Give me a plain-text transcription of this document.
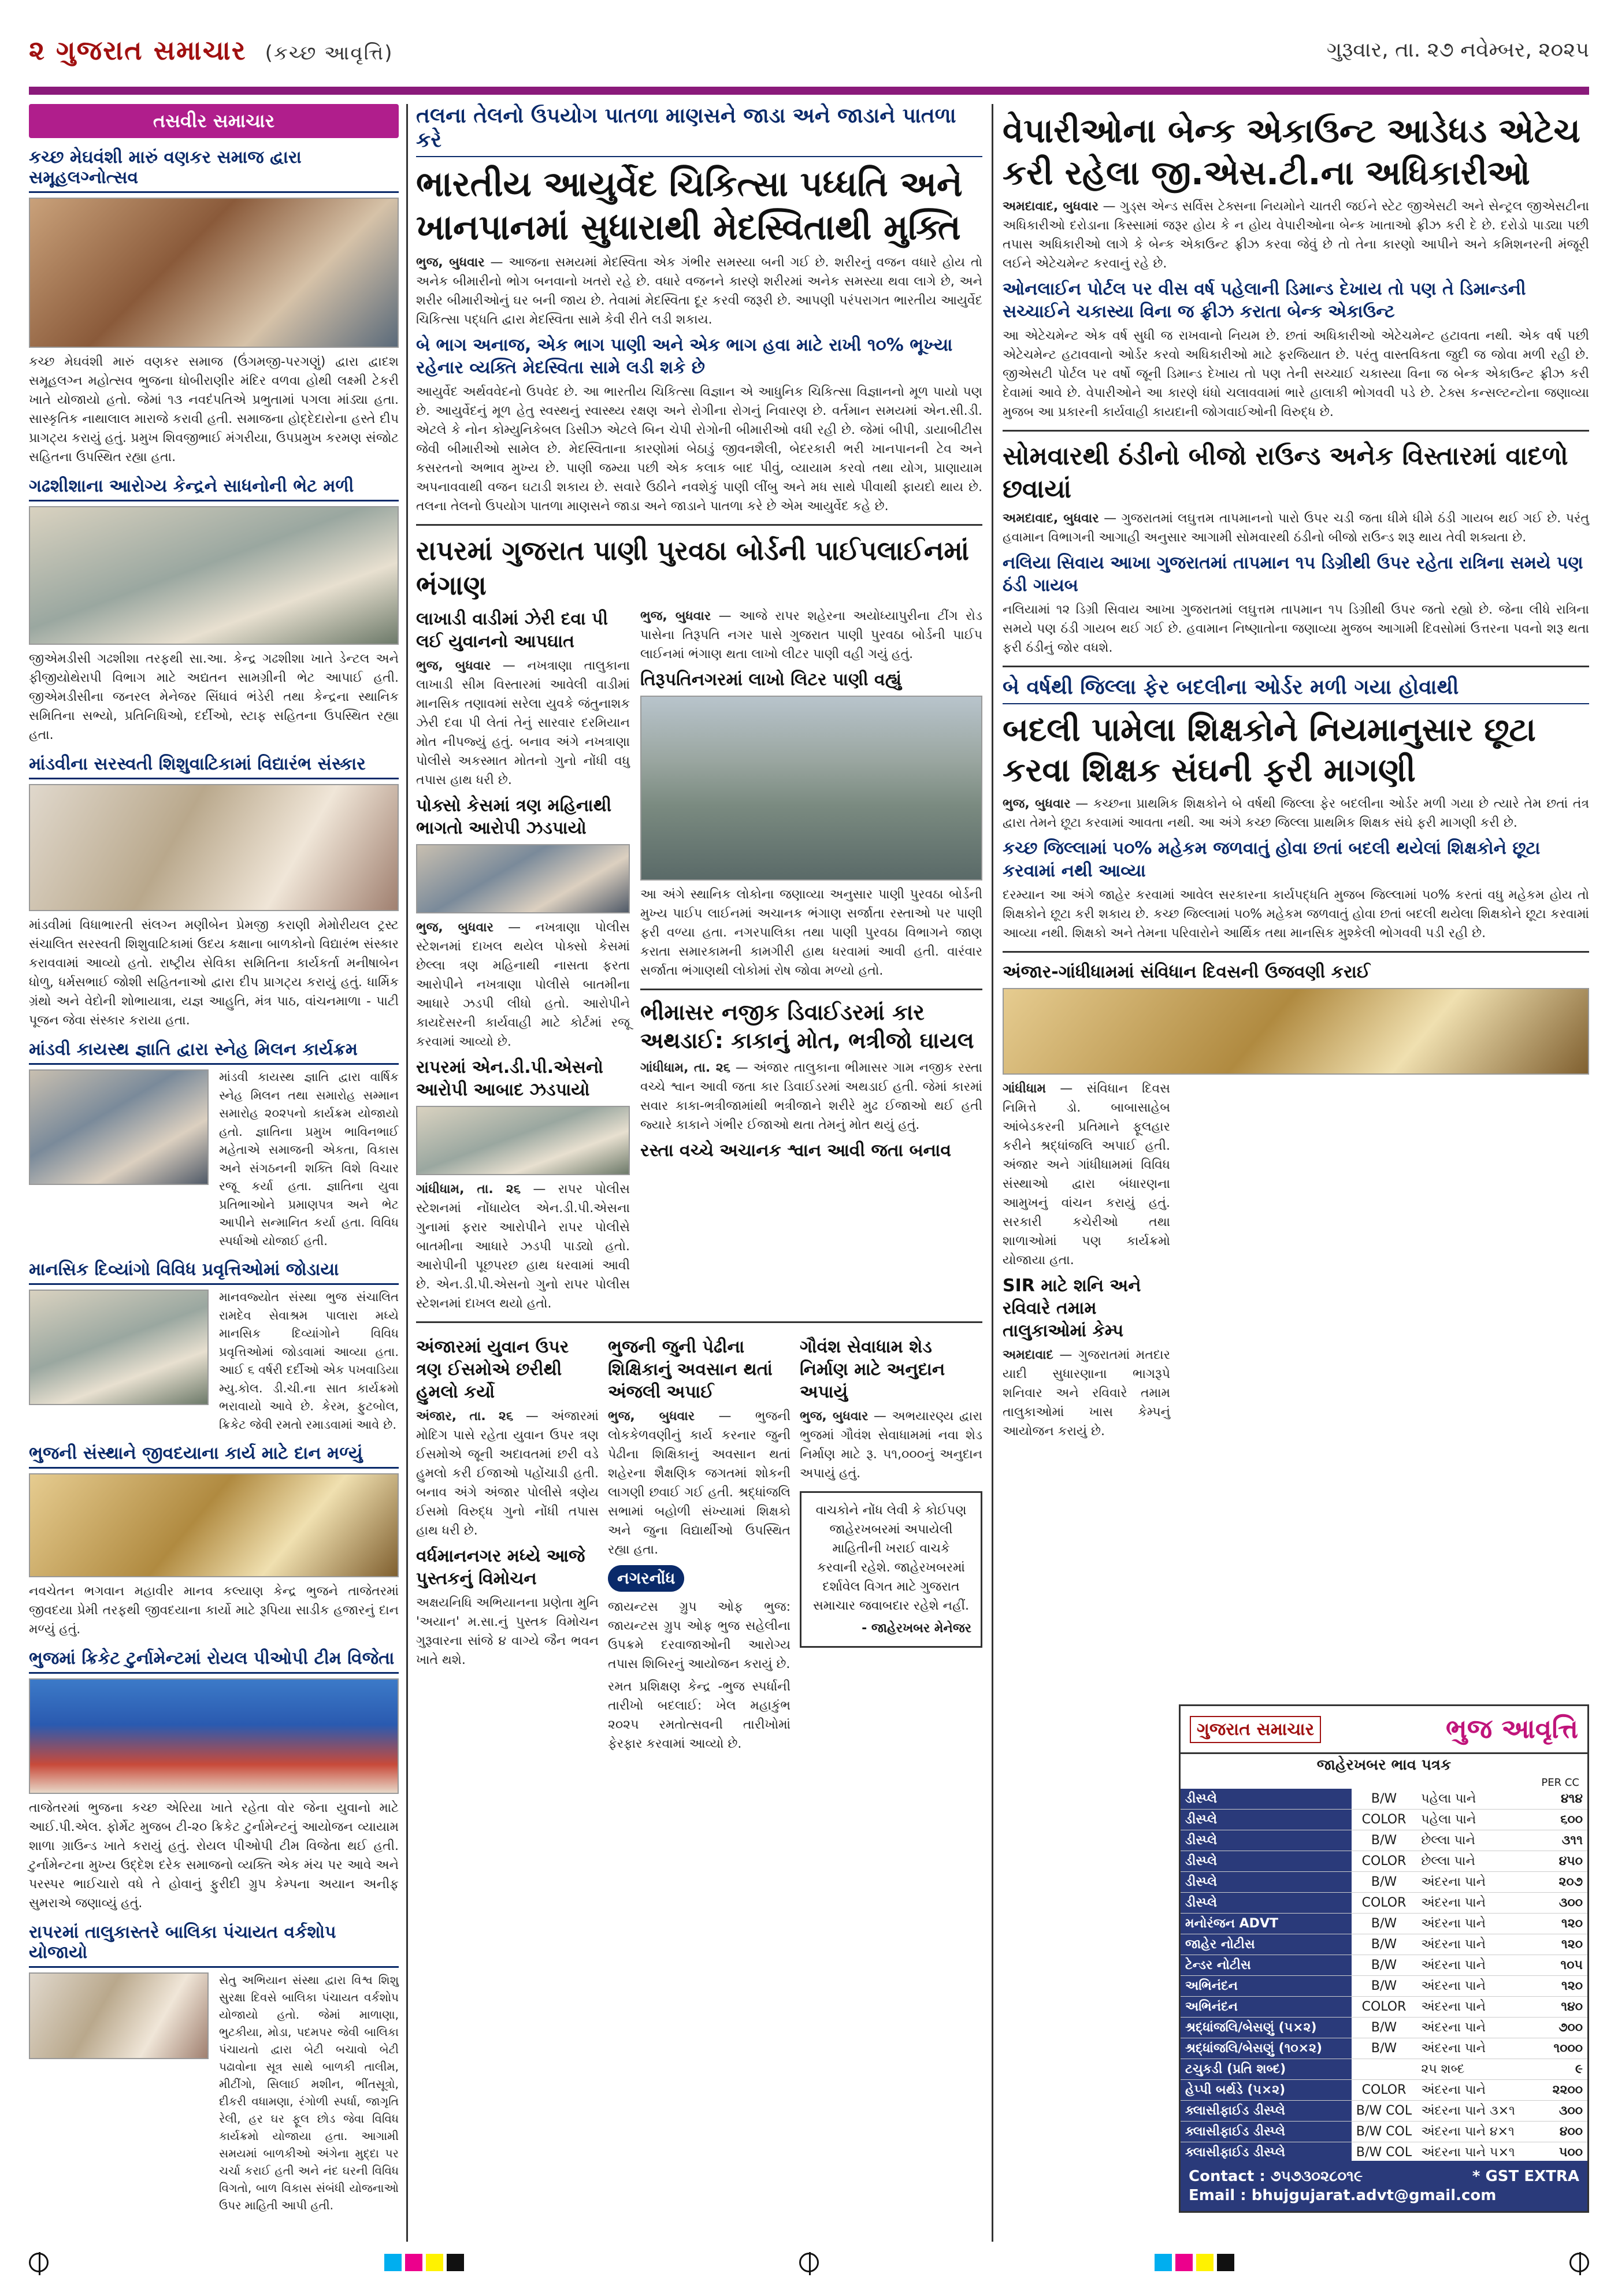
૨ ગુજરાત સમાચાર (કચ્છ આવૃત્તિ)	ગુરૂવાર, તા. ૨૭ નવેમ્બર, ૨૦૨૫
તસવીર સમાચાર
કચ્છ મેઘવંશી મારું વણકર સમાજ દ્વારા સમૂહલગ્નોત્સવ
કચ્છ મેઘવંશી મારું વણકર સમાજ (ઉંગમજી-પરગણું) દ્વારા દ્વાદશ સમૂહલગ્ન મહોત્સવ ભુજના ધોબીરાણીર મંદિર વળવા હોથી લક્ષ્મી ટેકરી ખાતે યોજાયો હતો. જેમાં ૧૩ નવદંપતિએ પ્રભુતામાં પગલા માંડ્યા હતા. સાસ્કૃતિક નાથાલાલ મારાજે કરાવી હતી. સમાજના હોદ્દેદારોના હસ્તે દીપ પ્રાગટ્ય કરાયું હતું. પ્રમુખ શિવજીભાઈ મંગરીયા, ઉપપ્રમુખ કરમણ સંજોટ સહિતના ઉપસ્થિત રહ્યા હતા.
ગઢશીશાના આરોગ્ય કેન્દ્રને સાધનોની ભેટ મળી
જીએમડીસી ગઢશીશા તરફથી સા.આ. કેન્દ્ર ગઢશીશા ખાતે ડેન્ટલ અને ફીજીયોથેરાપી વિભાગ માટે અદ્યતન સામગ્રીની ભેટ આપાઈ હતી. જીએમડીસીના જનરલ મેનેજર સિંધાવં ભંડેરી તથા કેન્દ્રના સ્થાનિક સમિતિના સભ્યો, પ્રતિનિધિઓ, દર્દીઓ, સ્ટાફ સહિતના ઉપસ્થિત રહ્યા હતા.
માંડવીના સરસ્વતી શિશુવાટિકામાં વિદ્યારંભ સંસ્કાર
માંડવીમાં વિધાભારતી સંલગ્ન મણીબેન પ્રેમજી કરાણી મેમોરીયલ ટ્રસ્ટ સંચાલિત સરસ્વતી શિશુવાટિકામાં ઉદય કક્ષાના બાળકોનો વિદ્યારંભ સંસ્કાર કરાવવામાં આવ્યો હતો. રાષ્ટ્રીય સેવિકા સમિતિના કાર્યકર્તા મનીષાબેન ધોળુ, ધર્મસભાઈ જોશી સહિતનાઓ દ્વારા દીપ પ્રાગટ્ય કરાયું હતું. ધાર્મિક ગ્રંથો અને વેદોની શોભાયાત્રા, યજ્ઞ આહુતિ, મંત્ર પાઠ, વાંચનમાળા - પાટી પૂજન જેવા સંસ્કાર કરાયા હતા.
માંડવી કાયસ્થ જ્ઞાતિ દ્વારા સ્નેહ મિલન કાર્યક્રમ
માંડવી કાયસ્થ જ્ઞાતિ દ્વારા વાર્ષિક સ્નેહ મિલન તથા સમારોહ સમ્માન સમારોહ ૨૦૨૫નો કાર્યક્રમ યોજાયો હતો. જ્ઞાતિના પ્રમુખ ભાવિનભાઈ મહેતાએ સમાજની એકતા, વિકાસ અને સંગઠનની શક્તિ વિશે વિચાર રજૂ કર્યા હતા. જ્ઞાતિના યુવા પ્રતિભાઓને પ્રમાણપત્ર અને ભેટ આપીને સન્માનિત કર્યા હતા. વિવિધ સ્પર્ધાઓ યોજાઈ હતી.
માનસિક દિવ્યાંગો વિવિધ પ્રવૃત્તિઓમાં જોડાયા
માનવજ્યોત સંસ્થા ભુજ સંચાલિત રામદેવ સેવાશ્રમ પાલારા મધ્યે માનસિક દિવ્યાંગોને વિવિધ પ્રવૃત્તિઓમાં જોડવામાં આવ્યા હતા. આઈ ૬ વર્ષરી દર્દીઓ એક પખવાડિયા મ્યુ.કોલ. ડી.ચી.ના સાત કાર્યક્રમો ભરાવાયો આવે છે. કેરમ, ફુટબોલ, ક્રિકેટ જેવી રમતો રમાડવામાં આવે છે.
ભુજની સંસ્થાને જીવદયાના કાર્ય માટે દાન મળ્યું
નવચેતન ભગવાન મહાવીર માનવ કલ્યાણ કેન્દ્ર ભુજને તાજેતરમાં જીવદયા પ્રેમી તરફથી જીવદયાના કાર્યો માટે રૂપિયા સાડીક હજારનું દાન મળ્યું હતું.
ભુજમાં ક્રિકેટ ટુર્નામેન્ટમાં રોયલ પીઓપી ટીમ વિજેતા
તાજેતરમાં ભુજના કચ્છ એરિયા ખાતે રહેતા વોર જેના યુવાનો માટે આઈ.પી.એલ. ફોર્મેટ મુજબ ટી-૨૦ ક્રિકેટ ટુર્નામેન્ટનું આયોજન વ્યાયામ શાળા ગ્રાઉન્ડ ખાતે કરાયું હતું. રોયલ પીઓપી ટીમ વિજેતા થઈ હતી. ટુર્નામેન્ટના મુખ્ય ઉદ્દેશ દરેક સમાજનો વ્યક્તિ એક મંચ પર આવે અને પરસ્પર ભાઈચારો વધે તે હોવાનું ફુરીદી ગ્રુપ કેમ્પના અયાન અનીફ સુમરાએ જણાવ્યું હતું.
રાપરમાં તાલુકાસ્તરે બાલિકા પંચાયત વર્કશોપ યોજાયો
સેતુ અભિયાન સંસ્થા દ્વારા વિશ્વ શિશુ સુરક્ષા દિવસે બાલિકા પંચાયત વર્કશોપ યોજાયો હતો. જેમાં માળાણા, ભુટકીયા, મોડા, પદમપર જેવી બાલિકા પંચાયતો દ્વારા બેટી બચાવો બેટી પઢાવોના સૂત્ર સાથે બાળકી તાલીમ, મીટીંગો, સિલાઈ મશીન, ભીંતસૂત્રો, દીકરી વધામણા, રંગોળી સ્પર્ધા, જાગૃતિ રેલી, હર ઘર ફૂલ છોડ જેવા વિવિધ કાર્યક્રમો યોજાયા હતા. આગામી સમયમાં બાળકીઓ અંગેના મુદ્દા પર ચર્ચા કરાઈ હતી અને નંદ ઘરની વિવિધ વિગતો, બાળ વિકાસ સંબંધી યોજનાઓ ઉપર માહિતી આપી હતી.
તલના તેલનો ઉપયોગ પાતળા માણસને જાડા અને જાડાને પાતળા કરે
ભારતીય આયુર્વેદ ચિકિત્સા પધ્ધતિ અને ખાનપાનમાં સુધારાથી મેદસ્વિતાથી મુક્તિ
ભુજ, બુધવાર — આજના સમયમાં મેદસ્વિતા એક ગંભીર સમસ્યા બની ગઈ છે. શરીરનું વજન વધારે હોય તો અનેક બીમારીનો ભોગ બનવાનો ખતરો રહે છે. વધારે વજનને કારણે શરીરમાં અનેક સમસ્યા થવા લાગે છે, અને શરીર બીમારીઓનું ઘર બની જાય છે. તેવામાં મેદસ્વિતા દૂર કરવી જરૂરી છે. આપણી પરંપરાગત ભારતીય આયુર્વેદ ચિકિત્સા પદ્ધતિ દ્વારા મેદસ્વિતા સામે કેવી રીતે લડી શકાય.
બે ભાગ અનાજ, એક ભાગ પાણી અને એક ભાગ હવા માટે રાખી ૧૦% ભૂખ્યા રહેનાર વ્યક્તિ મેદસ્વિતા સામે લડી શકે છે
આયુર્વેદ અર્થવવેદનો ઉપવેદ છે. આ ભારતીય ચિકિત્સા વિજ્ઞાન એ આધુનિક ચિકિત્સા વિજ્ઞાનનો મૂળ પાયો પણ છે. આયુર્વેદનું મૂળ હેતુ સ્વસ્થનું સ્વાસ્થ્ય રક્ષણ અને રોગીના રોગનું નિવારણ છે. વર્તમાન સમયમાં એન.સી.ડી. એટલે કે નોન કોમ્યુનિકેબલ ડિસીઝ એટલે બિન ચેપી રોગોની બીમારીઓ વધી રહી છે. જેમાં બીપી, ડાયાબીટીસ જેવી બીમારીઓ સામેલ છે. મેદસ્વિતાના કારણોમાં બેઠાડું જીવનશૈલી, બેદરકારી ભરી ખાનપાનની ટેવ અને કસરતનો અભાવ મુખ્ય છે. પાણી જમ્યા પછી એક કલાક બાદ પીવું, વ્યાયામ કરવો તથા યોગ, પ્રાણાયામ અપનાવવાથી વજન ઘટાડી શકાય છે. સવારે ઉઠીને નવશેકું પાણી લીંબુ અને મધ સાથે પીવાથી ફાયદો થાય છે. તલના તેલનો ઉપયોગ પાતળા માણસને જાડા અને જાડાને પાતળા કરે છે એમ આયુર્વેદ કહે છે.
રાપરમાં ગુજરાત પાણી પુરવઠા બોર્ડની પાઈપલાઈનમાં ભંગાણ
લાખાડી વાડીમાં ઝેરી દવા પી લઈ યુવાનનો આપઘાત
ભુજ, બુધવાર — નખત્રાણા તાલુકાના લાખાડી સીમ વિસ્તારમાં આવેલી વાડીમાં માનસિક તણાવમાં સરેલા યુવકે જંતુનાશક ઝેરી દવા પી લેતાં તેનું સારવાર દરમિયાન મોત નીપજ્યું હતું. બનાવ અંગે નખત્રાણા પોલીસે અકસ્માત મોતનો ગુનો નોંધી વધુ તપાસ હાથ ધરી છે.
પોક્સો કેસમાં ત્રણ મહિનાથી ભાગતો આરોપી ઝડપાયો
ભુજ, બુધવાર — નખત્રાણા પોલીસ સ્ટેશનમાં દાખલ થયેલ પોક્સો કેસમાં છેલ્લા ત્રણ મહિનાથી નાસતા ફરતા આરોપીને નખત્રાણા પોલીસે બાતમીના આધારે ઝડપી લીધો હતો. આરોપીને કાયદેસરની કાર્યવાહી માટે કોર્ટમાં રજૂ કરવામાં આવ્યો છે.
રાપરમાં એન.ડી.પી.એસનો આરોપી આબાદ ઝડપાયો
ગાંધીધામ, તા. ૨૬ — રાપર પોલીસ સ્ટેશનમાં નોંધાયેલ એન.ડી.પી.એસના ગુનામાં ફરાર આરોપીને રાપર પોલીસે બાતમીના આધારે ઝડપી પાડ્યો હતો. આરોપીની પૂછપરછ હાથ ધરવામાં આવી છે. એન.ડી.પી.એસનો ગુનો રાપર પોલીસ સ્ટેશનમાં દાખલ થયો હતો.
ભુજ, બુધવાર — આજે રાપર શહેરના અયોધ્યાપુરીના ટીંગ રોડ પાસેના તિરૂપતિ નગર પાસે ગુજરાત પાણી પુરવઠા બોર્ડની પાઈપ લાઈનમાં ભંગાણ થતા લાખો લીટર પાણી વહી ગયું હતું.
તિરૂપતિનગરમાં લાખો લિટર પાણી વહ્યું
આ અંગે સ્થાનિક લોકોના જણાવ્યા અનુસાર પાણી પુરવઠા બોર્ડની મુખ્ય પાઈપ લાઈનમાં અચાનક ભંગાણ સર્જાતા રસ્તાઓ પર પાણી ફરી વળ્યા હતા. નગરપાલિકા તથા પાણી પુરવઠા વિભાગને જાણ કરાતા સમારકામની કામગીરી હાથ ધરવામાં આવી હતી. વારંવાર સર્જાતા ભંગાણથી લોકોમાં રોષ જોવા મળ્યો હતો.
ભીમાસર નજીક ડિવાઈડરમાં કાર અથડાઈ: કાકાનું મોત, ભત્રીજો ઘાયલ
ગાંધીધામ, તા. ૨૬ — અંજાર તાલુકાના ભીમાસર ગામ નજીક રસ્તા વચ્ચે શ્વાન આવી જતા કાર ડિવાઈડરમાં અથડાઈ હતી. જેમાં કારમાં સવાર કાકા-ભત્રીજામાંથી ભત્રીજાને શરીરે મુઢ ઈજાઓ થઈ હતી જ્યારે કાકાને ગંભીર ઈજાઓ થતા તેમનું મોત થયું હતું.
રસ્તા વચ્ચે અચાનક શ્વાન આવી જતા બનાવ
અંજારમાં યુવાન ઉપર ત્રણ ઈસમોએ છરીથી હુમલો કર્યો
અંજાર, તા. ૨૬ — અંજારમાં મોદિગ પાસે રહેતા યુવાન ઉપર ત્રણ ઈસમોએ જૂની અદાવતમાં છરી વડે હુમલો કરી ઈજાઓ પહોંચાડી હતી. બનાવ અંગે અંજાર પોલીસે ત્રણેય ઈસમો વિરુદ્ધ ગુનો નોંધી તપાસ હાથ ધરી છે.
વર્ધમાનનગર મધ્યે આજે પુસ્તકનું વિમોચન
અક્ષયનિધિ અભિયાનના પ્રણેતા મુનિ 'અયાન' મ.સા.નું પુસ્તક વિમોચન ગુરૂવારના સાંજે ૪ વાગ્યે જૈન ભવન ખાતે થશે.
ભુજની જુની પેઢીના શિક્ષિકાનું અવસાન થતાં અંજલી અપાઈ
ભુજ, બુધવાર — ભુજની લોકકેળવણીનું કાર્ય કરનાર જુની પેઢીના શિક્ષિકાનું અવસાન થતાં શહેરના શૈક્ષણિક જગતમાં શોકની લાગણી છવાઈ ગઈ હતી. શ્રદ્ધાંજલિ સભામાં બહોળી સંખ્યામાં શિક્ષકો અને જુના વિદ્યાર્થીઓ ઉપસ્થિત રહ્યા હતા.
નગરનોંધ
જાયન્ટસ ગ્રુપ ઓફ ભુજ: જાયન્ટસ ગ્રુપ ઓફ ભુજ સહેલીના ઉપક્રમે દરવાજાઓની આરોગ્ય તપાસ શિબિરનું આયોજન કરાયું છે.
રમત પ્રશિક્ષણ કેન્દ્ર -ભુજ સ્પર્ધાની તારીખો બદલાઈ: ખેલ મહાકુંભ ૨૦૨૫ રમતોત્સવની તારીખોમાં ફેરફાર કરવામાં આવ્યો છે.
ગૌવંશ સેવાધામ શેડ નિર્માણ માટે અનુદાન અપાયું
ભુજ, બુધવાર — અભયારણ્ય દ્વારા ભુજમાં ગૌવંશ સેવાધામમાં નવા શેડ નિર્માણ માટે રૂ. ૫૧,૦૦૦નું અનુદાન અપાયું હતું.
વાચકોને નોંધ લેવી કે કોઈપણ જાહેરખબરમાં અપાયેલી માહિતીની ખરાઈ વાચકે કરવાની રહેશે. જાહેરખબરમાં દર્શાવેલ વિગત માટે ગુજરાત સમાચાર જવાબદાર રહેશે નહીં.
- જાહેરખબર મેનેજર
વેપારીઓના બેન્ક એકાઉન્ટ આડેધડ એટેચ કરી રહેલા જી.એસ.ટી.ના અધિકારીઓ
અમદાવાદ, બુધવાર — ગુડ્સ એન્ડ સર્વિસ ટેક્સના નિયમોને ચાતરી જઈને સ્ટેટ જીએસટી અને સેન્ટ્રલ જીએસટીના અધિકારીઓ દરોડાના કિસ્સામાં જરૂર હોય કે ન હોય વેપારીઓના બેન્ક ખાતાઓ ફ્રીઝ કરી દે છે. દરોડો પાડ્યા પછી તપાસ અધિકારીઓ લાગે કે બેન્ક એકાઉન્ટ ફ્રીઝ કરવા જેવું છે તો તેના કારણો આપીને અને કમિશનરની મંજૂરી લઈને એટેચમેન્ટ કરવાનું રહે છે.
ઓનલાઈન પોર્ટલ પર વીસ વર્ષ પહેલાની ડિમાન્ડ દેખાય તો પણ તે ડિમાન્ડની સચ્ચાઈને ચકાસ્યા વિના જ ફ્રીઝ કરાતા બેન્ક એકાઉન્ટ
આ એટેચમેન્ટ એક વર્ષ સુધી જ રાખવાનો નિયમ છે. છતાં અધિકારીઓ એટેચમેન્ટ હટાવતા નથી. એક વર્ષ પછી એટેચમેન્ટ હટાવવાનો ઓર્ડર કરવો અધિકારીઓ માટે ફરજિયાત છે. પરંતુ વાસ્તવિકતા જુદી જ જોવા મળી રહી છે. જીએસટી પોર્ટલ પર વર્ષો જૂની ડિમાન્ડ દેખાય તો પણ તેની સચ્ચાઈ ચકાસ્યા વિના જ બેન્ક એકાઉન્ટ ફ્રીઝ કરી દેવામાં આવે છે. વેપારીઓને આ કારણે ધંધો ચલાવવામાં ભારે હાલાકી ભોગવવી પડે છે. ટેક્સ કન્સલ્ટન્ટોના જણાવ્યા મુજબ આ પ્રકારની કાર્યવાહી કાયદાની જોગવાઈઓની વિરુદ્ધ છે.
સોમવારથી ઠંડીનો બીજો રાઉન્ડ અનેક વિસ્તારમાં વાદળો છવાયાં
અમદાવાદ, બુધવાર — ગુજરાતમાં લઘુત્તમ તાપમાનનો પારો ઉપર ચડી જતા ધીમે ધીમે ઠંડી ગાયબ થઈ ગઈ છે. પરંતુ હવામાન વિભાગની આગાહી અનુસાર આગામી સોમવારથી ઠંડીનો બીજો રાઉન્ડ શરૂ થાય તેવી શક્યતા છે.
નલિયા સિવાય આખા ગુજરાતમાં તાપમાન ૧૫ ડિગ્રીથી ઉપર રહેતા રાત્રિના સમયે પણ ઠંડી ગાયબ
નલિયામાં ૧૨ ડિગ્રી સિવાય આખા ગુજરાતમાં લઘુત્તમ તાપમાન ૧૫ ડિગ્રીથી ઉપર જતો રહ્યો છે. જેના લીધે રાત્રિના સમયે પણ ઠંડી ગાયબ થઈ ગઈ છે. હવામાન નિષ્ણાતોના જણાવ્યા મુજબ આગામી દિવસોમાં ઉત્તરના પવનો શરૂ થતા ફરી ઠંડીનું જોર વધશે.
બે વર્ષથી જિલ્લા ફેર બદલીના ઓર્ડર મળી ગયા હોવાથી
બદલી પામેલા શિક્ષકોને નિયમાનુસાર છૂટા કરવા શિક્ષક સંઘની ફરી માગણી
ભુજ, બુધવાર — કચ્છના પ્રાથમિક શિક્ષકોને બે વર્ષથી જિલ્લા ફેર બદલીના ઓર્ડર મળી ગયા છે ત્યારે તેમ છતાં તંત્ર દ્વારા તેમને છૂટા કરવામાં આવતા નથી. આ અંગે કચ્છ જિલ્લા પ્રાથમિક શિક્ષક સંઘે ફરી માગણી કરી છે.
કચ્છ જિલ્લામાં ૫૦% મહેકમ જળવાતું હોવા છતાં બદલી થયેલાં શિક્ષકોને છૂટા કરવામાં નથી આવ્યા
દરમ્યાન આ અંગે જાહેર કરવામાં આવેલ સરકારના કાર્યપદ્ધતિ મુજબ જિલ્લામાં ૫૦% કરતાં વધુ મહેકમ હોય તો શિક્ષકોને છૂટા કરી શકાય છે. કચ્છ જિલ્લામાં ૫૦% મહેકમ જળવાતું હોવા છતાં બદલી થયેલા શિક્ષકોને છૂટા કરવામાં આવ્યા નથી. શિક્ષકો અને તેમના પરિવારોને આર્થિક તથા માનસિક મુશ્કેલી ભોગવવી પડી રહી છે.
અંજાર-ગાંધીધામમાં સંવિધાન દિવસની ઉજવણી કરાઈ
ગાંધીધામ — સંવિધાન દિવસ નિમિત્તે ડો. બાબાસાહેબ આંબેડકરની પ્રતિમાને ફૂલહાર કરીને શ્રદ્ધાંજલિ અપાઈ હતી. અંજાર અને ગાંધીધામમાં વિવિધ સંસ્થાઓ દ્વારા બંધારણના આમુખનું વાંચન કરાયું હતું. સરકારી કચેરીઓ તથા શાળાઓમાં પણ કાર્યક્રમો યોજાયા હતા.
SIR માટે શનિ અને રવિવારે તમામ તાલુકાઓમાં કેમ્પ
અમદાવાદ — ગુજરાતમાં મતદાર યાદી સુધારણાના ભાગરૂપે શનિવાર અને રવિવારે તમામ તાલુકાઓમાં ખાસ કેમ્પનું આયોજન કરાયું છે.
ગુજરાત સમાચાર	ભુજ આવૃત્તિ
જાહેરખબર ભાવ પત્રક
PER CC
ડીસ્પ્લે	B/W	પહેલા પાને	૪૧૪
ડીસ્પ્લે	COLOR	પહેલા પાને	૬૦૦
ડીસ્પ્લે	B/W	છેલ્લા પાને	૩૧૧
ડીસ્પ્લે	COLOR	છેલ્લા પાને	૪૫૦
ડીસ્પ્લે	B/W	અંદરના પાને	૨૦૭
ડીસ્પ્લે	COLOR	અંદરના પાને	૩૦૦
મનોરંજન ADVT	B/W	અંદરના પાને	૧૨૦
જાહેર નોટીસ	B/W	અંદરના પાને	૧૨૦
ટેન્ડર નોટીસ	B/W	અંદરના પાને	૧૦૫
અભિનંદન	B/W	અંદરના પાને	૧૨૦
અભિનંદન	COLOR	અંદરના પાને	૧૪૦
શ્રદ્ધાંજલિ/બેસણું (૫×૨)	B/W	અંદરના પાને	૭૦૦
શ્રદ્ધાંજલિ/બેસણું (૧૦×૨)	B/W	અંદરના પાને	૧૦૦૦
ટચુકડી (પ્રતિ શબ્દ)		૨૫ શબ્દ	૯
હેપ્પી બર્થડે (૫×૨)	COLOR	અંદરના પાને	૨૨૦૦
ક્લાસીફાઈડ ડીસ્પ્લે	B/W COL	અંદરના પાને ૩×૧	૩૦૦
ક્લાસીફાઈડ ડીસ્પ્લે	B/W COL	અંદરના પાને ૪×૧	૪૦૦
ક્લાસીફાઈડ ડીસ્પ્લે	B/W COL	અંદરના પાને ૫×૧	૫૦૦
Contact : ૭૫૭૩૦૨૮૦૧૯	* GST EXTRA
Email : bhujgujarat.advt@gmail.com
